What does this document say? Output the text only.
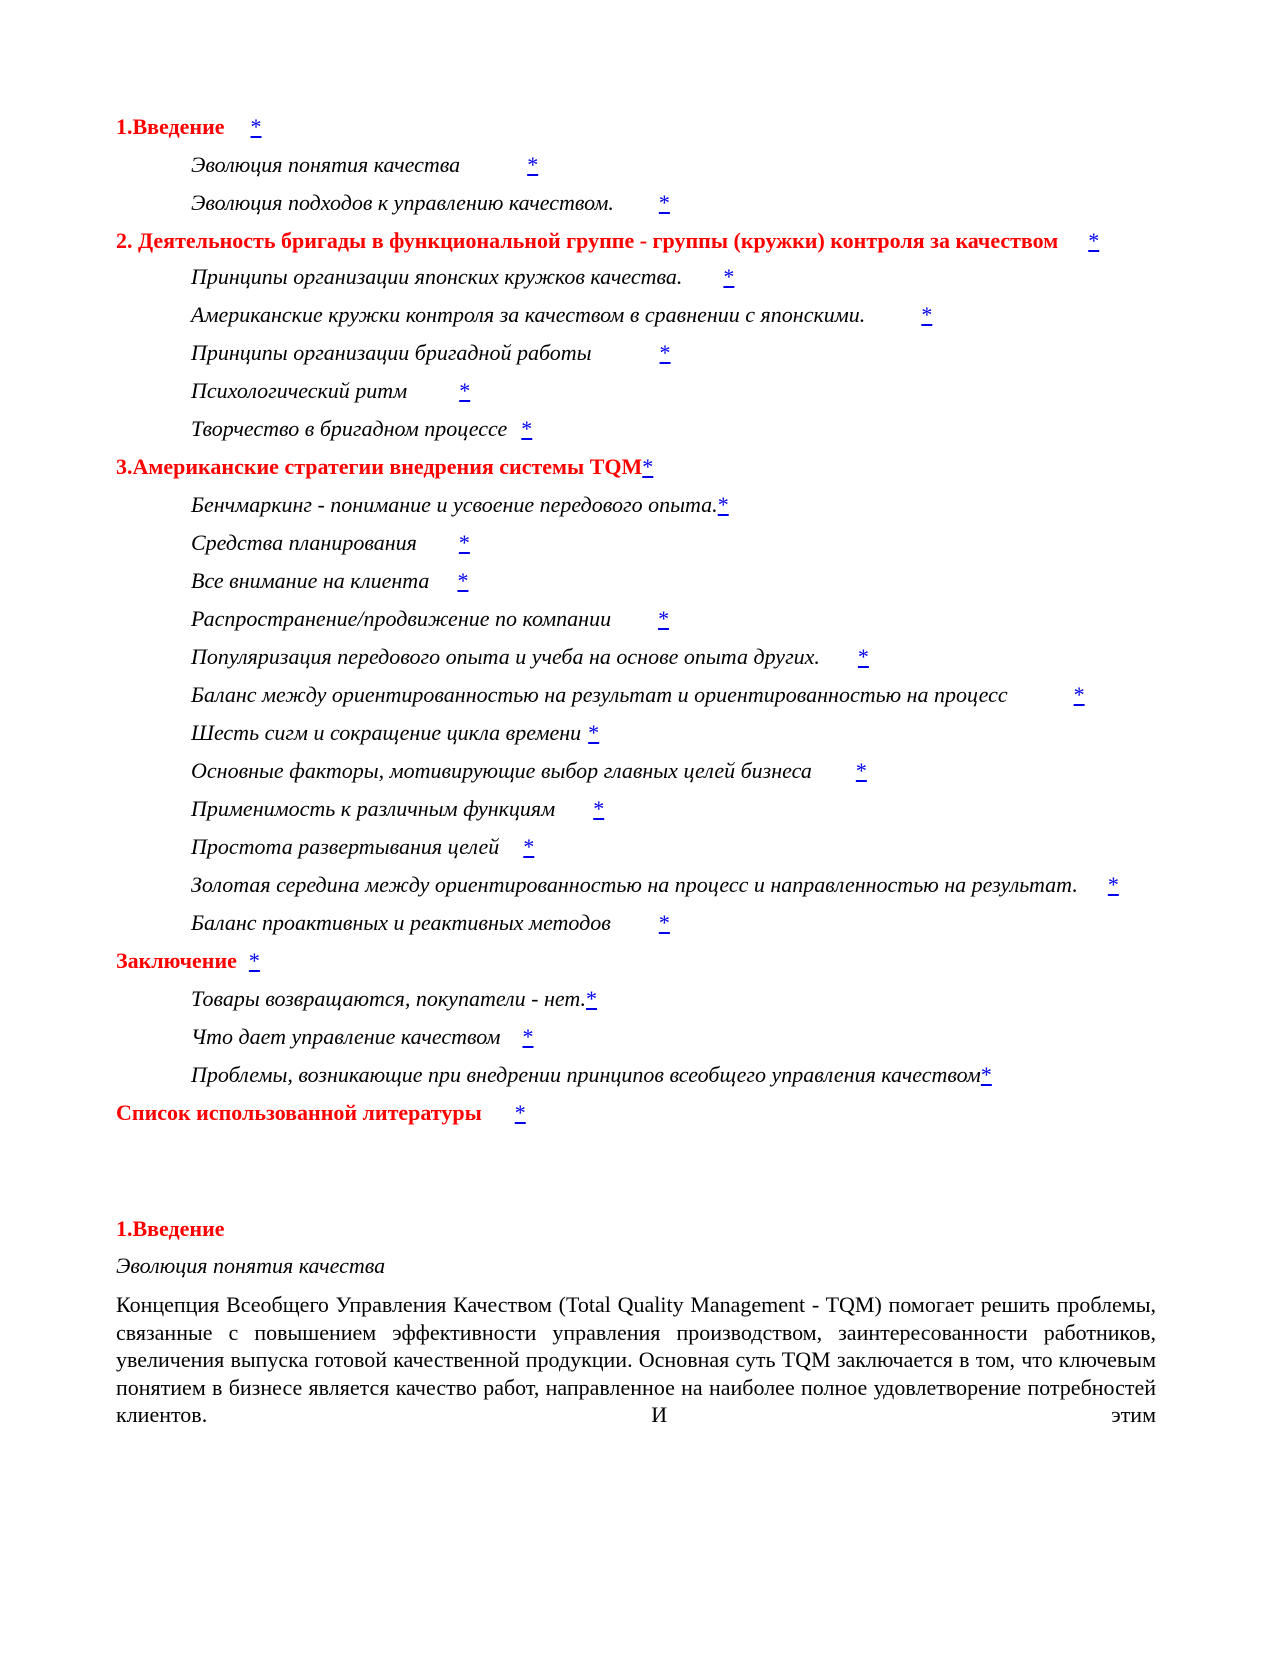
1.Введение *
Эволюция понятия качества	*
Эволюция подходов к управлению качеством. *
2. Деятельность бригады в функциональной группе - группы (кружки) контроля за качеством *
Принципы организации японских кружков качества. *
Американские кружки контроля за качеством в сравнении с японскими.	*
Принципы организации бригадной работы	*
Психологический ритм *
Творчество в бригадном процессе *
3.Американские стратегии внедрения системы TQM*
Бенчмаркинг - понимание и усвоение передового опыта.*
Средства планирования *
Все внимание на клиента *
Распространение/продвижение по компании *
Популяризация передового опыта и учеба на основе опыта других. *
Баланс между ориентированностью на результат и ориентированностью на процесс	*
Шесть сигм и сокращение цикла времени *
Основные факторы, мотивирующие выбор главных целей бизнеса *
Применимость к различным функциям *
Простота развертывания целей *
Золотая середина между ориентированностью на процесс и направленностью на результат. *
Баланс проактивных и реактивных методов *
Заключение *
Товары возвращаются, покупатели - нет.*
Что дает управление качеством *
Проблемы, возникающие при внедрении принципов всеобщего управления качеством*
Список использованной литературы *
1.Введение
Эволюция понятия качества

Концепция Всеобщего Управления Качеством (Total Quality Management - TQM) помогает решить проблемы, связанные с повышением эффективности управления производством, заинтересованности работников, увеличения выпуска готовой качественной продукции. Основная суть TQM заключается в том, что ключевым понятием в бизнесе является качество работ, направленное на наиболее полное удовлетворение потребностей клиентов. И этим
